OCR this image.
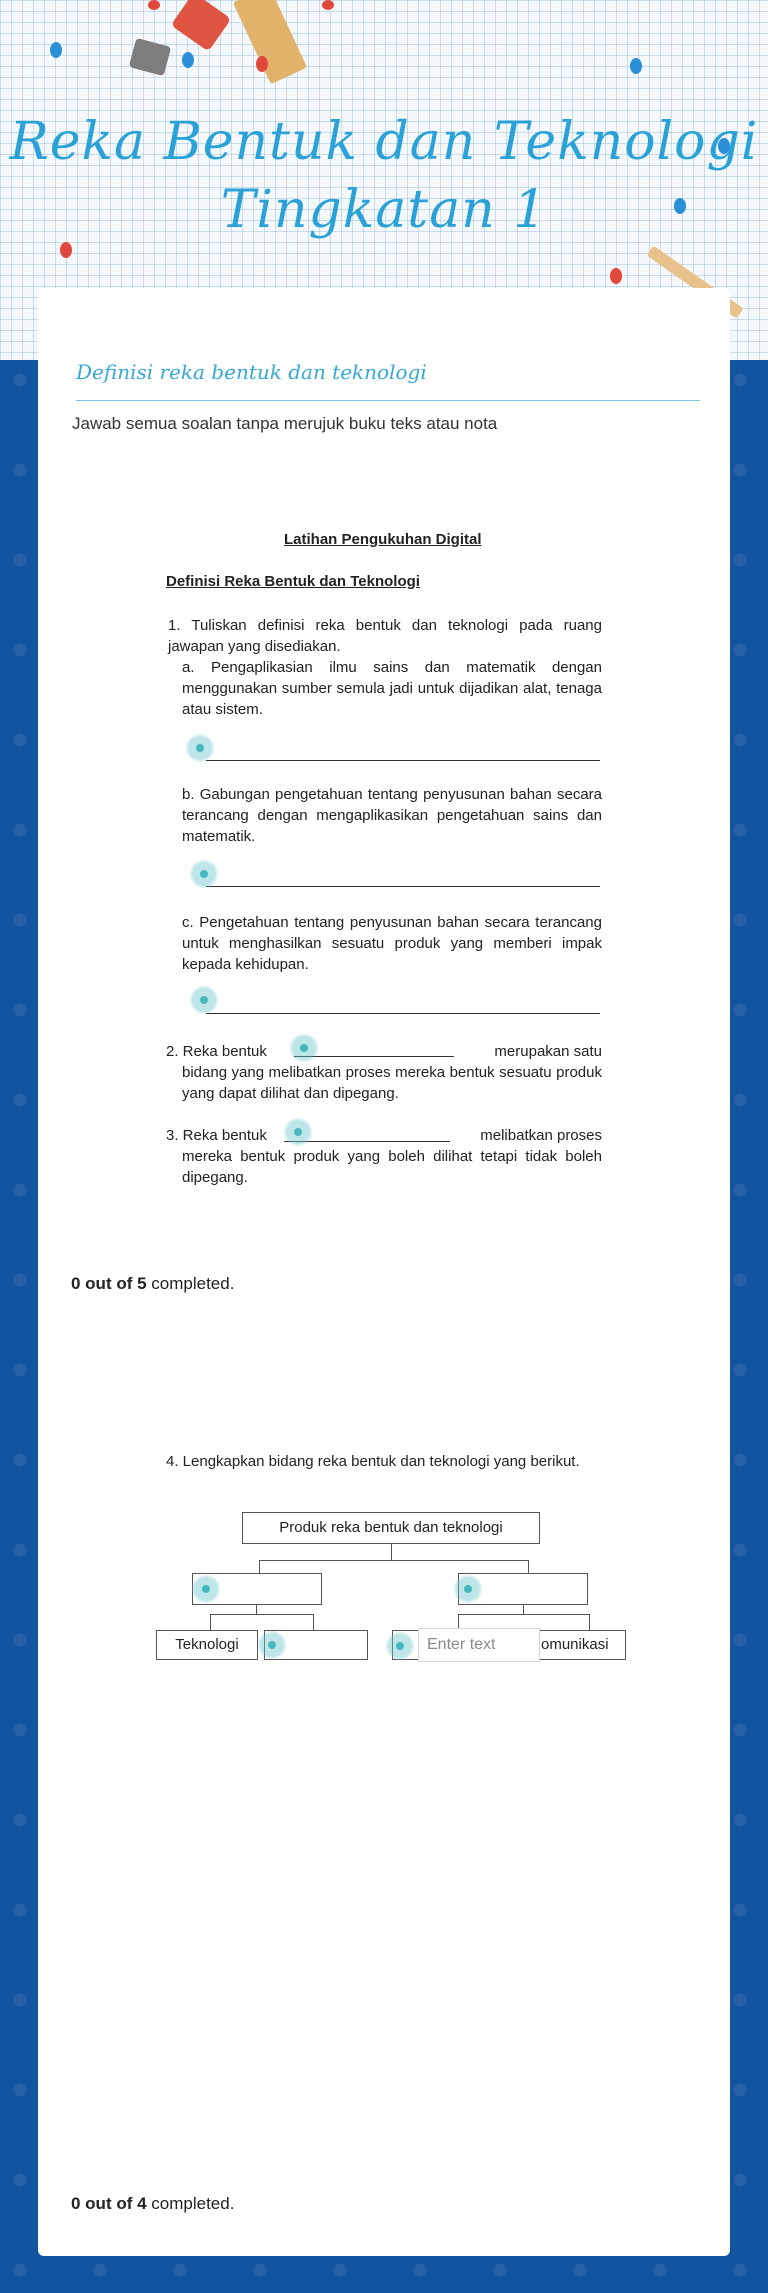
Reka Bentuk dan Teknologi
Tingkatan 1
Definisi reka bentuk dan teknologi
Jawab semua soalan tanpa merujuk buku teks atau nota
Latihan Pengukuhan Digital
Definisi Reka Bentuk dan Teknologi
1. Tuliskan definisi reka bentuk dan teknologi pada ruang jawapan yang disediakan.
a. Pengaplikasian ilmu sains dan matematik dengan menggunakan sumber semula jadi untuk dijadikan alat, tenaga atau sistem.
b. Gabungan pengetahuan tentang penyusunan bahan secara terancang dengan mengaplikasikan pengetahuan sains dan matematik.
c. Pengetahuan tentang penyusunan bahan secara terancang untuk menghasilkan sesuatu produk yang memberi impak kepada kehidupan.
2. Reka bentuk	merupakan satu
bidang yang melibatkan proses mereka bentuk sesuatu produk yang dapat dilihat dan dipegang.
3. Reka bentuk	melibatkan proses
mereka bentuk produk yang boleh dilihat tetapi tidak boleh dipegang.
0 out of 5 completed.
4. Lengkapkan bidang reka bentuk dan teknologi yang berikut.
Produk reka bentuk dan teknologi
Teknologi	omunikasi
Enter text
0 out of 4 completed.
